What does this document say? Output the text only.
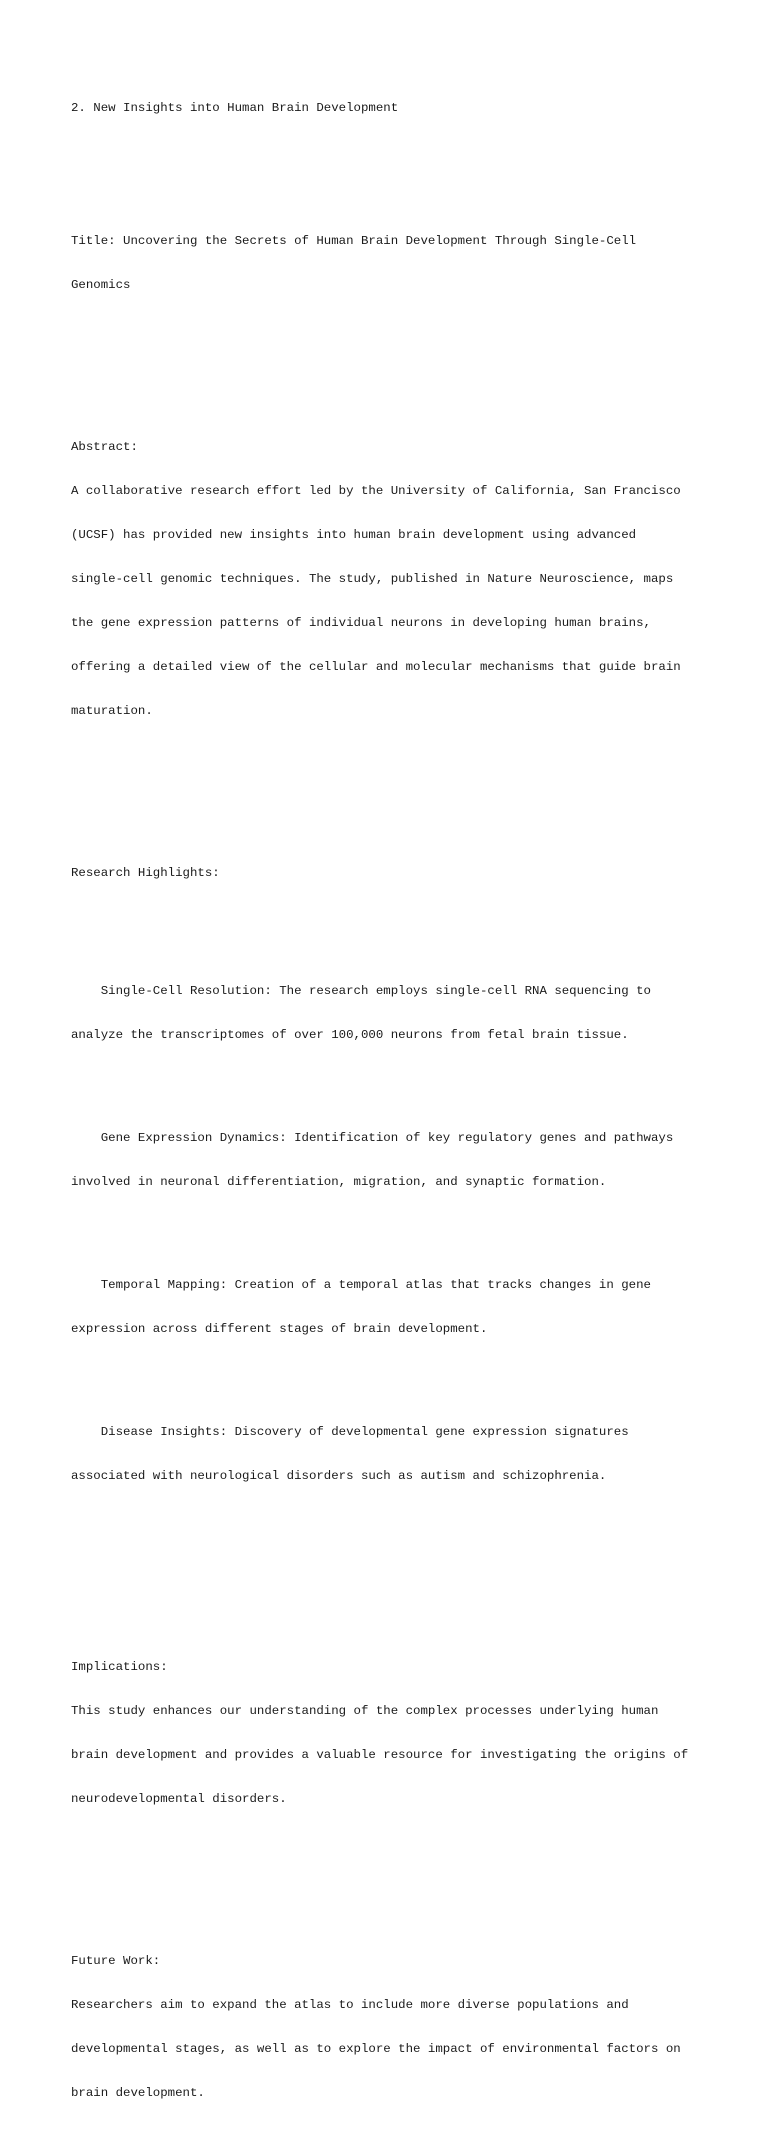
2. New Insights into Human Brain Development

Title: Uncovering the Secrets of Human Brain Development Through Single-Cell

Genomics

Abstract:

A collaborative research effort led by the University of California, San Francisco

(UCSF) has provided new insights into human brain development using advanced

single-cell genomic techniques. The study, published in Nature Neuroscience, maps

the gene expression patterns of individual neurons in developing human brains,

offering a detailed view of the cellular and molecular mechanisms that guide brain

maturation.

Research Highlights:

Single-Cell Resolution: The research employs single-cell RNA sequencing to

analyze the transcriptomes of over 100,000 neurons from fetal brain tissue.

Gene Expression Dynamics: Identification of key regulatory genes and pathways

involved in neuronal differentiation, migration, and synaptic formation.

Temporal Mapping: Creation of a temporal atlas that tracks changes in gene

expression across different stages of brain development.

Disease Insights: Discovery of developmental gene expression signatures

associated with neurological disorders such as autism and schizophrenia.

Implications:

This study enhances our understanding of the complex processes underlying human

brain development and provides a valuable resource for investigating the origins of

neurodevelopmental disorders.

Future Work:

Researchers aim to expand the atlas to include more diverse populations and

developmental stages, as well as to explore the impact of environmental factors on

brain development.
